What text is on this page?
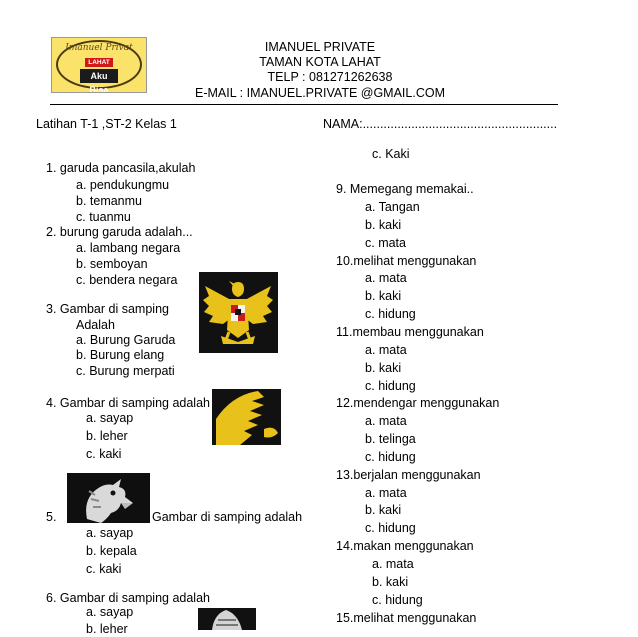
Imanuel Privat
LAHAT
Aku Bisa
IMANUEL PRIVATE
TAMAN KOTA LAHAT
TELP : 081271262638
E-MAIL : IMANUEL.PRIVATE @GMAIL.COM
Latihan T-1 ,ST-2 Kelas 1	NAMA:........................................................
1. garuda pancasila,akulah
a. pendukungmu
b. temanmu
c. tuanmu
2. burung garuda adalah...
a. lambang negara
b. semboyan
c. bendera negara
3. Gambar di samping
Adalah
a. Burung Garuda
b. Burung elang
c. Burung merpati
4. Gambar di samping adalah
a. sayap
b. leher
c. kaki
5.	Gambar di samping adalah
a. sayap
b. kepala
c. kaki
6. Gambar di samping adalah
a. sayap
b. leher
c. Kaki
9. Memegang memakai..
a. Tangan
b. kaki
c. mata
10.melihat menggunakan
a. mata
b. kaki
c. hidung
11.membau menggunakan
a. mata
b. kaki
c. hidung
12.mendengar menggunakan
a. mata
b. telinga
c. hidung
13.berjalan menggunakan
a. mata
b. kaki
c. hidung
14.makan menggunakan
a. mata
b. kaki
c. hidung
15.melihat menggunakan
